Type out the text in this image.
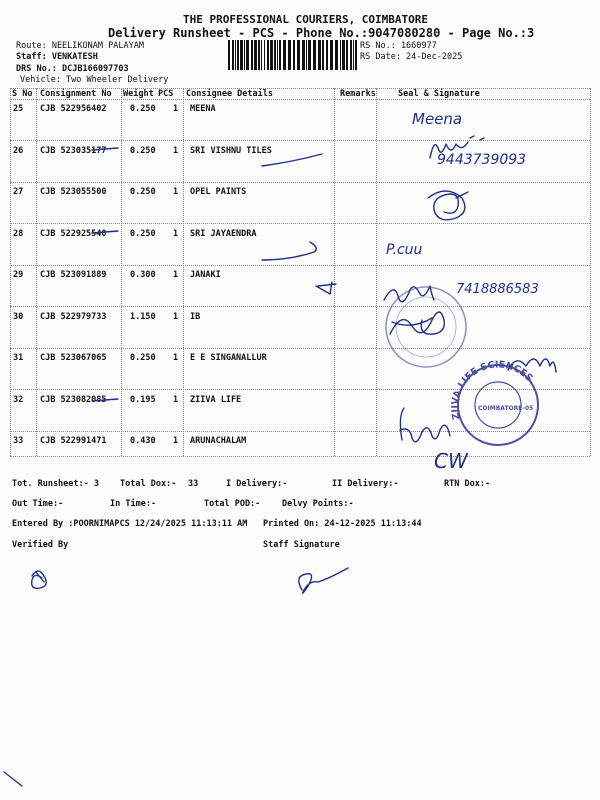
THE PROFESSIONAL COURIERS, COIMBATORE
Delivery Runsheet - PCS - Phone No.:9047080280 - Page No.:3
Route: NEELIKONAM PALAYAM
Staff: VENKATESH
DRS No.: DCJB166097703
Vehicle: Two Wheeler Delivery
RS No.: 1660977
RS Date: 24-Dec-2025
S No Consignment No Weight PCS Consignee Details	Remarks	Seal & Signature
25 CJB 522956402	0.250 1 MEENA
26 CJB 523035177	0.250 1 SRI VISHNU TILES
27 CJB 523055500	0.250 1 OPEL PAINTS
28 CJB 522925540	0.250 1 SRI JAYAENDRA
29 CJB 523091889	0.300 1 JANAKI
30 CJB 522979733	1.150 1 IB
31 CJB 523067065	0.250 1 E E SINGANALLUR
32 CJB 523082085	0.195 1 ZIIVA LIFE
33 CJB 522991471	0.430 1 ARUNACHALAM
Meena
9443739093
P.cuu
7418886583
ZIIVA LIFE SCIENCES
COIMBATORE-05
CW
Tot. Runsheet:- 3 Total Dox:- 33	I Delivery:-	II Delivery:-	RTN Dox:-
Out Time:-	In Time:-	Total POD:-	Delvy Points:-
Entered By :POORNIMAPCS 12/24/2025 11:13:11 AM Printed On: 24-12-2025 11:13:44
Verified By	Staff Signature
